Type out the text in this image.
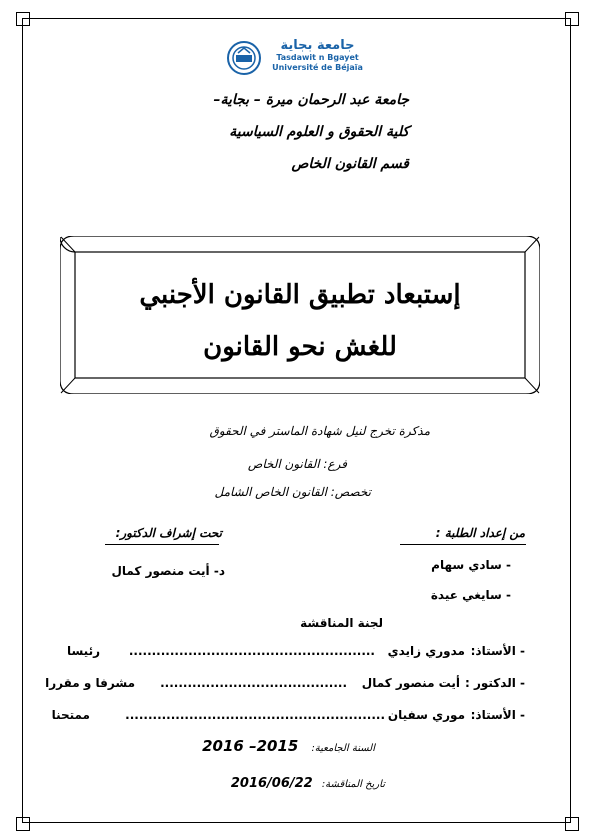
جامعة بجاية
Tasdawit n Bgayet
Université de Béjaïa
جامعة عبد الرحمان ميرة – بجاية–
كلية الحقوق و العلوم السياسية
قسم القانون الخاص
إستبعاد تطبيق القانون الأجنبي
للغش نحو القانون
مذكرة تخرج لنيل شهادة الماستر في الحقوق
فرع: القانون الخاص
تخصص: القانون الخاص الشامل
من إعداد الطلبة :
- سادي سهام
- سايغي عيدة
تحت إشراف الدكتور:
د- أيت منصور كمال
لجنة المناقشة
- الأستاذ:
مدوري زايدي
......................................................
رئيسا
- الدكتور :
أيت منصور كمال
.........................................
مشرفا و مقررا
- الأستاذ:
موري سفيان
.........................................................
ممتحنا
السنة الجامعية: 2015– 2016
تاريخ المناقشة: 2016/06/22
